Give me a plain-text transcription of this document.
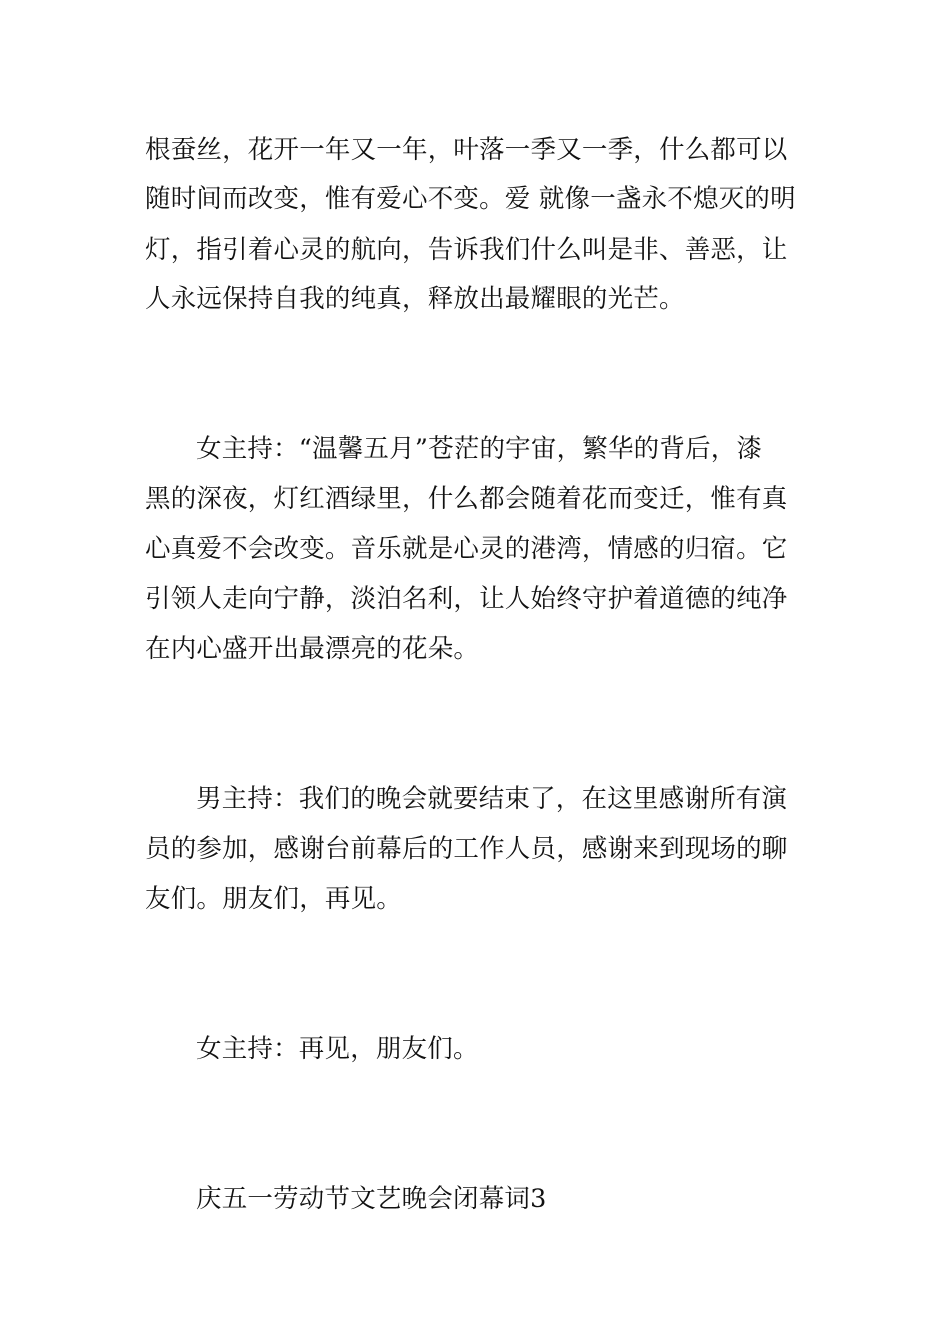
根蚕丝，花开一年又一年，叶落一季又一季，什么都可以
随时间而改变，惟有爱心不变。爱 就像一盏永不熄灭的明
灯，指引着心灵的航向，告诉我们什么叫是非、善恶，让
人永远保持自我的纯真，释放出最耀眼的光芒。
女主持：“温馨五月”苍茫的宇宙，繁华的背后，漆
黑的深夜，灯红酒绿里，什么都会随着花而变迁，惟有真
心真爱不会改变。音乐就是心灵的港湾，情感的归宿。它
引领人走向宁静，淡泊名利，让人始终守护着道德的纯净
在内心盛开出最漂亮的花朵。
男主持：我们的晚会就要结束了，在这里感谢所有演
员的参加，感谢台前幕后的工作人员，感谢来到现场的聊
友们。朋友们，再见。
女主持：再见，朋友们。
庆五一劳动节文艺晚会闭幕词3
